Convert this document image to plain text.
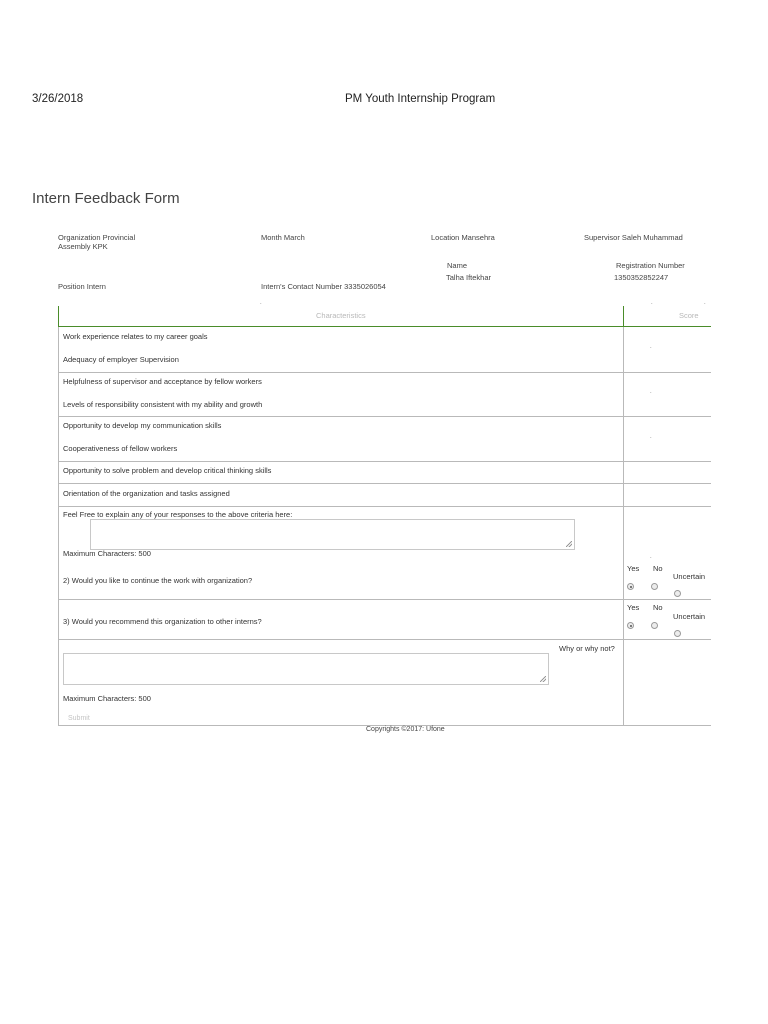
3/26/2018	PM Youth Internship Program
Intern Feedback Form
Organization Provincial
Assembly KPK
Month March	Location Mansehra	Supervisor Saleh Muhammad
Name
Talha Iftekhar
Registration Number
1350352852247
Position Intern	Intern's Contact Number 3335026054
.	.	.
Characteristics	Score
Work experience relates to my career goals
Adequacy of employer Supervision
Helpfulness of supervisor and acceptance by fellow workers
Levels of responsibility consistent with my ability and growth
Opportunity to develop my communication skills
Cooperativeness of fellow workers
Opportunity to solve problem and develop critical thinking skills
Orientation of the organization and tasks assigned
.
.
.
.
Feel Free to explain any of your responses to the above criteria here:
Maximum Characters: 500
2) Would you like to continue the work with organization?
Yes No
Uncertain
3) Would you recommend this organization to other interns?
Yes No
Uncertain
Why or why not?
Maximum Characters: 500
Submit
Copyrights ©2017: Ufone
